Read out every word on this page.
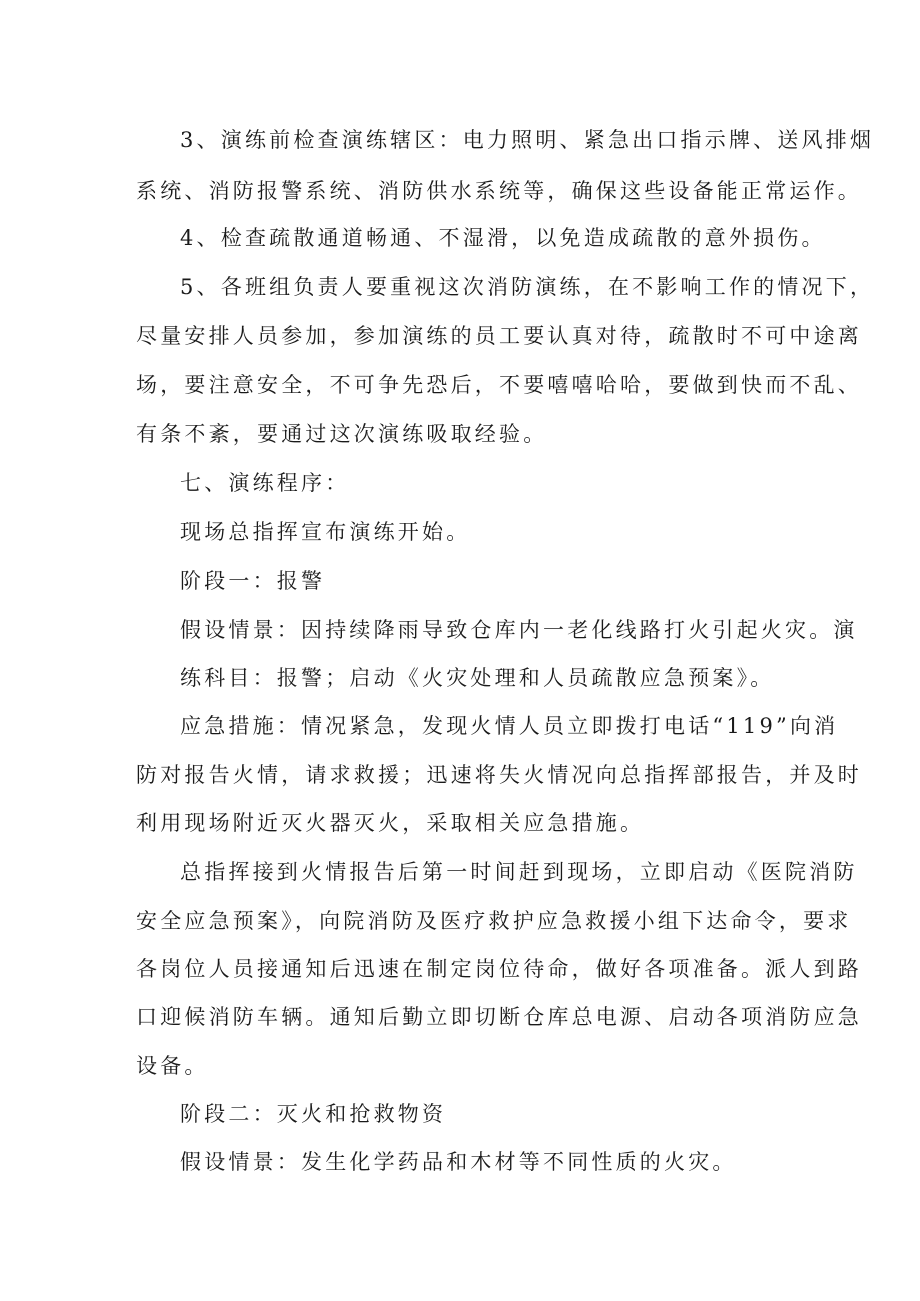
3、演练前检查演练辖区：电力照明、紧急出口指示牌、送风排烟

系统、消防报警系统、消防供水系统等，确保这些设备能正常运作。

4、检查疏散通道畅通、不湿滑，以免造成疏散的意外损伤。

5、各班组负责人要重视这次消防演练，在不影响工作的情况下，

尽量安排人员参加，参加演练的员工要认真对待，疏散时不可中途离

场，要注意安全，不可争先恐后，不要嘻嘻哈哈，要做到快而不乱、

有条不紊，要通过这次演练吸取经验。

七、演练程序：

现场总指挥宣布演练开始。

阶段一：报警

假设情景：因持续降雨导致仓库内一老化线路打火引起火灾。演

练科目：报警；启动《火灾处理和人员疏散应急预案》。

应急措施：情况紧急，发现火情人员立即拨打电话“119”向消

防对报告火情，请求救援；迅速将失火情况向总指挥部报告，并及时

利用现场附近灭火器灭火，采取相关应急措施。

总指挥接到火情报告后第一时间赶到现场，立即启动《医院消防

安全应急预案》，向院消防及医疗救护应急救援小组下达命令，要求

各岗位人员接通知后迅速在制定岗位待命，做好各项准备。派人到路

口迎候消防车辆。通知后勤立即切断仓库总电源、启动各项消防应急

设备。

阶段二：灭火和抢救物资

假设情景：发生化学药品和木材等不同性质的火灾。
